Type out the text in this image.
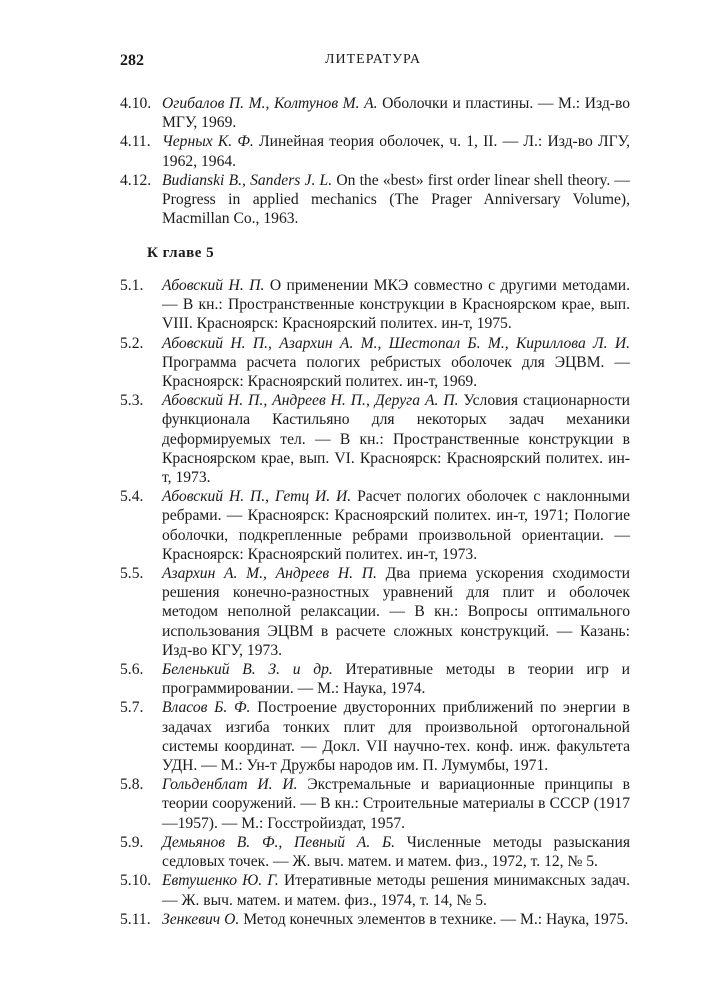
282	ЛИТЕРАТУРА
4.10. Огибалов П. М., Колтунов М. А. Оболочки и пластины. — М.: Изд-во МГУ, 1969.
4.11. Черных К. Ф. Линейная теория оболочек, ч. 1, II. — Л.: Изд-во ЛГУ, 1962, 1964.
4.12. Budianski B., Sanders J. L. On the «best» first order linear shell theory. — Progress in applied mechanics (The Prager Anniversary Volume), Macmillan Co., 1963.
К главе 5
5.1.	Абовский Н. П. О применении МКЭ совместно с другими методами. — В кн.: Пространственные конструкции в Красноярском крае, вып. VIII. Красноярск: Красноярский политех. ин-т, 1975.
5.2.	Абовский Н. П., Азархин А. М., Шестопал Б. М., Кириллова Л. И. Программа расчета пологих ребристых оболочек для ЭЦВМ. — Красноярск: Красноярский политех. ин-т, 1969.
5.3.	Абовский Н. П., Андреев Н. П., Деруга А. П. Условия стационарности функционала Кастильяно для некоторых задач механики деформируемых тел. — В кн.: Пространственные конструкции в Красноярском крае, вып. VI. Красноярск: Красноярский политех. ин-т, 1973.
5.4.	Абовский Н. П., Гетц И. И. Расчет пологих оболочек с наклонными ребрами. — Красноярск: Красноярский политех. ин-т, 1971; Пологие оболочки, подкрепленные ребрами произвольной ориентации. — Красноярск: Красноярский политех. ин-т, 1973.
5.5.	Азархин А. М., Андреев Н. П. Два приема ускорения сходимости решения конечно-разностных уравнений для плит и оболочек методом неполной релаксации. — В кн.: Вопросы оптимального использования ЭЦВМ в расчете сложных конструкций. — Казань: Изд-во КГУ, 1973.
5.6.	Беленький В. З. и др. Итеративные методы в теории игр и программировании. — М.: Наука, 1974.
5.7.	Власов Б. Ф. Построение двусторонних приближений по энергии в задачах изгиба тонких плит для произвольной ортогональной системы координат. — Докл. VII научно-тех. конф. инж. факультета УДН. — М.: Ун-т Дружбы народов им. П. Лумумбы, 1971.
5.8.	Гольденблат И. И. Экстремальные и вариационные принципы в теории сооружений. — В кн.: Строительные материалы в СССР (1917—1957). — М.: Госстройиздат, 1957.
5.9.	Демьянов В. Ф., Певный А. Б. Численные методы разыскания седловых точек. — Ж. выч. матем. и матем. физ., 1972, т. 12, № 5.
5.10. Евтушенко Ю. Г. Итеративные методы решения минимаксных задач. — Ж. выч. матем. и матем. физ., 1974, т. 14, № 5.
5.11. Зенкевич О. Метод конечных элементов в технике. — М.: Наука, 1975.
